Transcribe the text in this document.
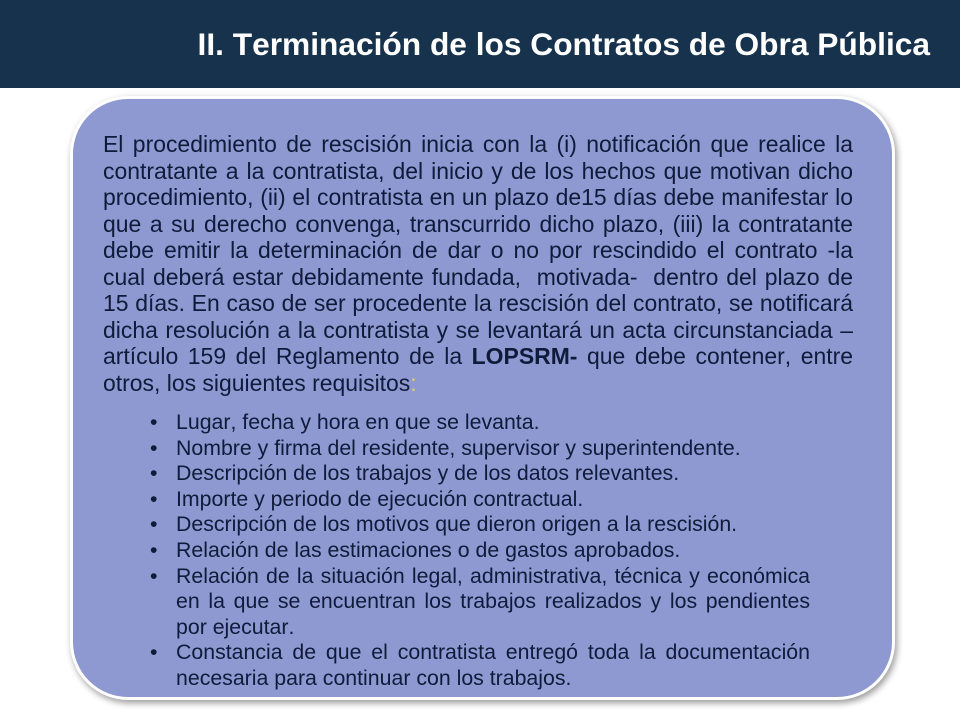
II. Terminación de los Contratos de Obra Pública

El procedimiento de rescisión inicia con la (i) notificación que realice la contratante a la contratista, del inicio y de los hechos que motivan dicho procedimiento, (ii) el contratista en un plazo de15 días debe manifestar lo que a su derecho convenga, transcurrido dicho plazo, (iii) la contratante debe emitir la determinación de dar o no por rescindido el contrato -la cual deberá estar debidamente fundada,  motivada-  dentro del plazo de 15 días. En caso de ser procedente la rescisión del contrato, se notificará dicha resolución a la contratista y se levantará un acta circunstanciada – artículo 159 del Reglamento de la LOPSRM- que debe contener, entre otros, los siguientes requisitos:

•
Lugar, fecha y hora en que se levanta.
•
Nombre y firma del residente, supervisor y superintendente.
•
Descripción de los trabajos y de los datos relevantes.
•
Importe y periodo de ejecución contractual.
•
Descripción de los motivos que dieron origen a la rescisión.
•
Relación de las estimaciones o de gastos aprobados.
•
Relación de la situación legal, administrativa, técnica y económica en la que se encuentran los trabajos realizados y los pendientes por ejecutar.
•
Constancia de que el contratista entregó toda la documentación necesaria para continuar con los trabajos.
